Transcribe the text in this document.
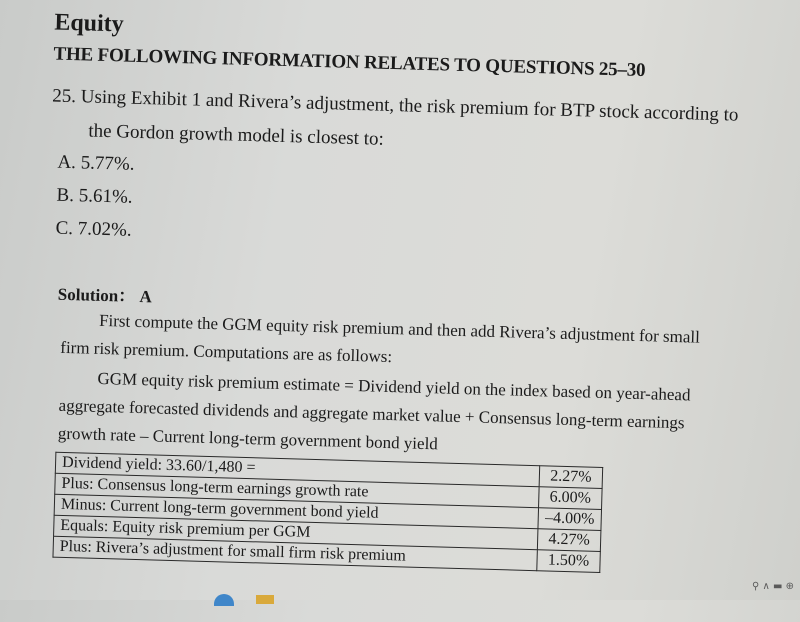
Equity
THE FOLLOWING INFORMATION RELATES TO QUESTIONS 25–30
25. Using Exhibit 1 and Rivera’s adjustment, the risk premium for BTP stock according to
the Gordon growth model is closest to:
A. 5.77%.
B. 5.61%.
C. 7.02%.
Solution： A
First compute the GGM equity risk premium and then add Rivera’s adjustment for small
firm risk premium. Computations are as follows:
GGM equity risk premium estimate = Dividend yield on the index based on year-ahead
aggregate forecasted dividends and aggregate market value + Consensus long-term earnings
growth rate – Current long-term government bond yield
Dividend yield: 33.60/1,480 =	2.27%
Plus: Consensus long-term earnings growth rate	6.00%
Minus: Current long-term government bond yield	–4.00%
Equals: Equity risk premium per GGM	4.27%
Plus: Rivera’s adjustment for small firm risk premium	1.50%
⚲ ∧ ▬ ⊕
